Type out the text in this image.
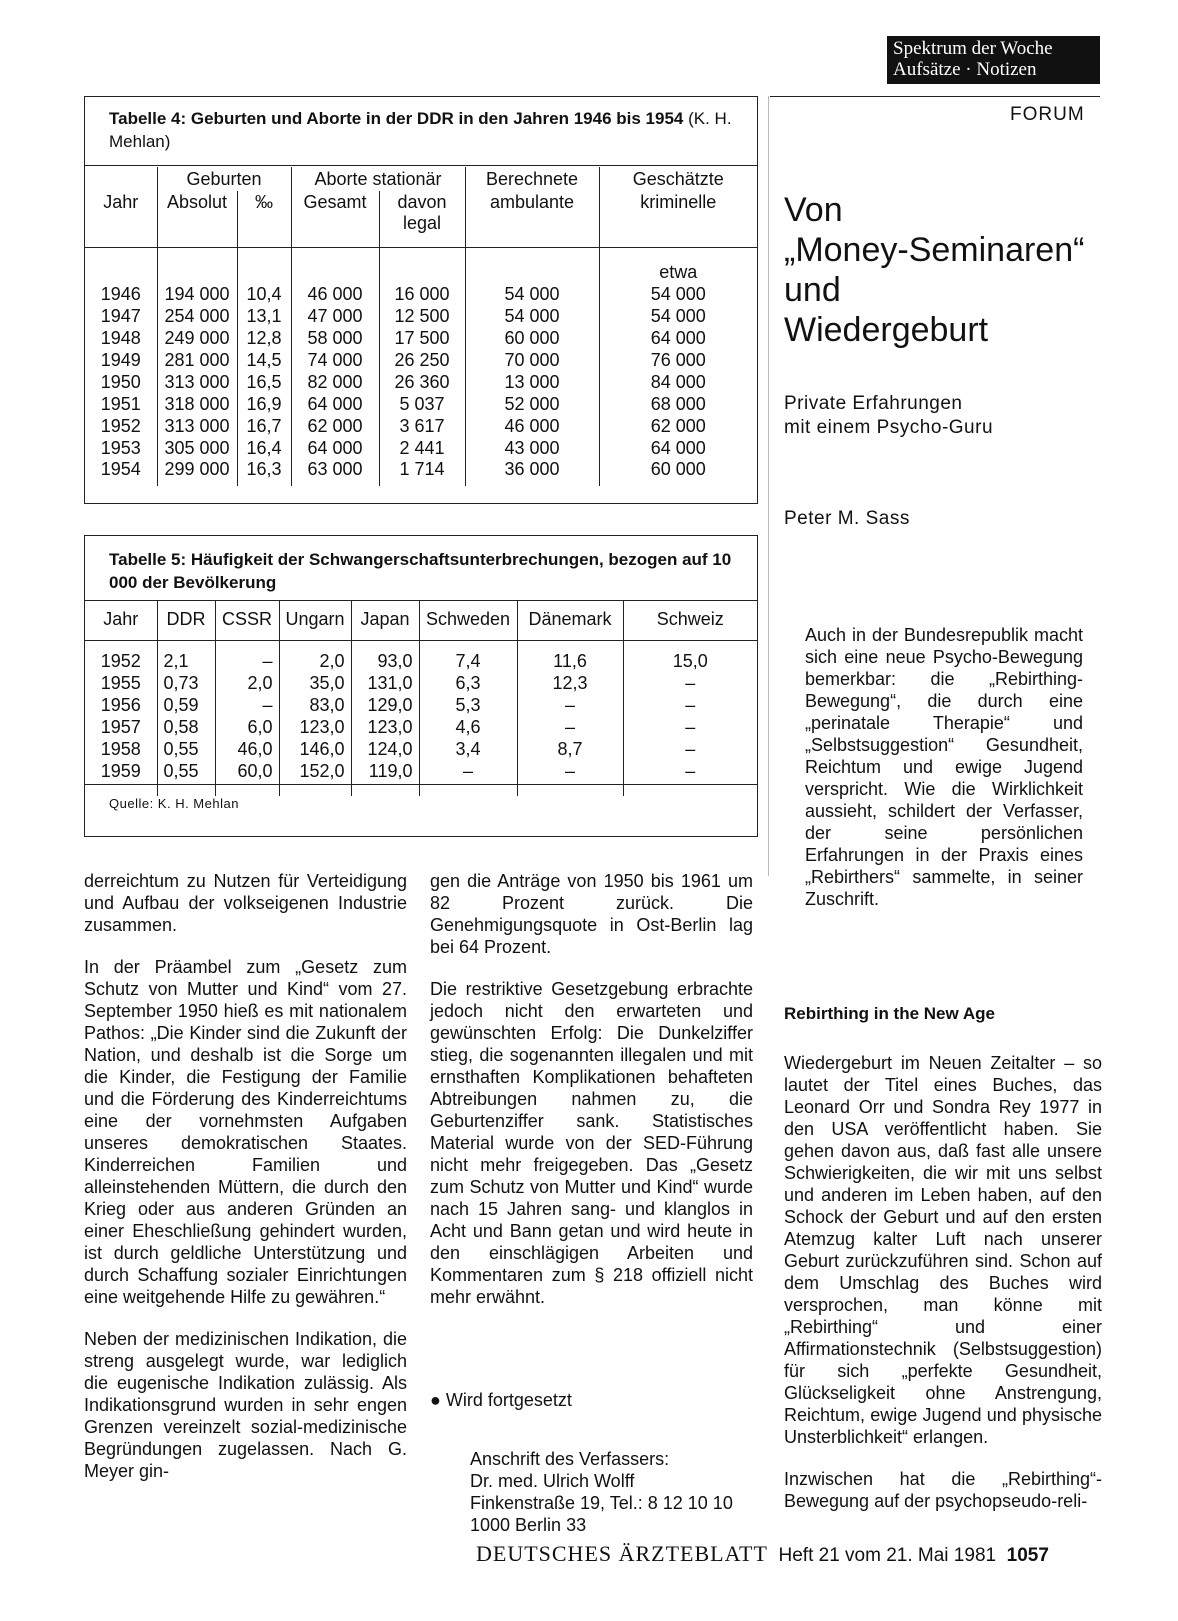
Spektrum der Woche
Aufsätze · Notizen
FORUM
Tabelle 4: Geburten und Aborte in der DDR in den Jahren 1946 bis 1954 (K. H. Mehlan)
	Geburten		Aborte stationär		Berechnete	Geschätzte
Jahr	Absolut	‰	Gesamt	davon	ambulante	kriminelle
				legal		
						etwa
1946	194 000	10,4	46 000	16 000	54 000	54 000
1947	254 000	13,1	47 000	12 500	54 000	54 000
1948	249 000	12,8	58 000	17 500	60 000	64 000
1949	281 000	14,5	74 000	26 250	70 000	76 000
1950	313 000	16,5	82 000	26 360	13 000	84 000
1951	318 000	16,9	64 000	5 037	52 000	68 000
1952	313 000	16,7	62 000	3 617	46 000	62 000
1953	305 000	16,4	64 000	2 441	43 000	64 000
1954	299 000	16,3	63 000	1 714	36 000	60 000
Tabelle 5: Häufigkeit der Schwangerschaftsunterbrechungen, bezogen auf 10 000 der Bevölkerung
Jahr	DDR	CSSR	Ungarn	Japan	Schweden	Dänemark	Schweiz

1952	2,1	–	2,0	93,0	7,4	11,6	15,0
1955	0,73	2,0	35,0	131,0	6,3	12,3	–
1956	0,59	–	83,0	129,0	5,3	–	–
1957	0,58	6,0	123,0	123,0	4,6	–	–
1958	0,55	46,0	146,0	124,0	3,4	8,7	–
1959	0,55	60,0	152,0	119,0	–	–	–

Quelle: K. H. Mehlan

derreichtum zu Nutzen für Verteidigung und Aufbau der volkseigenen Industrie zusammen.

In der Präambel zum „Gesetz zum Schutz von Mutter und Kind“ vom 27. September 1950 hieß es mit nationalem Pathos: „Die Kinder sind die Zukunft der Nation, und deshalb ist die Sorge um die Kinder, die Festigung der Familie und die Förderung des Kinderreichtums eine der vornehmsten Aufgaben unseres demokratischen Staates. Kinderreichen Familien und alleinstehenden Müttern, die durch den Krieg oder aus anderen Gründen an einer Eheschließung gehindert wurden, ist durch geldliche Unterstützung und durch Schaffung sozialer Einrichtungen eine weitgehende Hilfe zu gewähren.“

Neben der medizinischen Indikation, die streng ausgelegt wurde, war lediglich die eugenische Indikation zulässig. Als Indikationsgrund wurden in sehr engen Grenzen vereinzelt sozial-medizinische Begründungen zugelassen. Nach G. Meyer gin-

gen die Anträge von 1950 bis 1961 um 82 Prozent zurück. Die Genehmigungsquote in Ost-Berlin lag bei 64 Prozent.

Die restriktive Gesetzgebung erbrachte jedoch nicht den erwarteten und gewünschten Erfolg: Die Dunkelziffer stieg, die sogenannten illegalen und mit ernsthaften Komplikationen behafteten Abtreibungen nahmen zu, die Geburtenziffer sank. Statistisches Material wurde von der SED-Führung nicht mehr freigegeben. Das „Gesetz zum Schutz von Mutter und Kind“ wurde nach 15 Jahren sang- und klanglos in Acht und Bann getan und wird heute in den einschlägigen Arbeiten und Kommentaren zum § 218 offiziell nicht mehr erwähnt.

● Wird fortgesetzt
Anschrift des Verfassers:
Dr. med. Ulrich Wolff
Finkenstraße 19, Tel.: 8 12 10 10
1000 Berlin 33
Von
„Money-Seminaren“
und
Wiedergeburt
Private Erfahrungen
mit einem Psycho-Guru
Peter M. Sass
Auch in der Bundesrepublik macht sich eine neue Psycho-Bewegung bemerkbar: die „Rebirthing-Bewegung“, die durch eine „perinatale Therapie“ und „Selbstsuggestion“ Gesundheit, Reichtum und ewige Jugend verspricht. Wie die Wirklichkeit aussieht, schildert der Verfasser, der seine persönlichen Erfahrungen in der Praxis eines „Rebirthers“ sammelte, in seiner Zuschrift.
Rebirthing in the New Age

Wiedergeburt im Neuen Zeitalter – so lautet der Titel eines Buches, das Leonard Orr und Sondra Rey 1977 in den USA veröffentlicht haben. Sie gehen davon aus, daß fast alle unsere Schwierigkeiten, die wir mit uns selbst und anderen im Leben haben, auf den Schock der Geburt und auf den ersten Atemzug kalter Luft nach unserer Geburt zurückzuführen sind. Schon auf dem Umschlag des Buches wird versprochen, man könne mit „Rebirthing“ und einer Affirmationstechnik (Selbstsuggestion) für sich „perfekte Gesundheit, Glückseligkeit ohne Anstrengung, Reichtum, ewige Jugend und physische Unsterblichkeit“ erlangen.

Inzwischen hat die „Rebirthing“-Bewegung auf der psychopseudo-reli-

DEUTSCHES ÄRZTEBLATT Heft 21 vom 21. Mai 1981 1057
